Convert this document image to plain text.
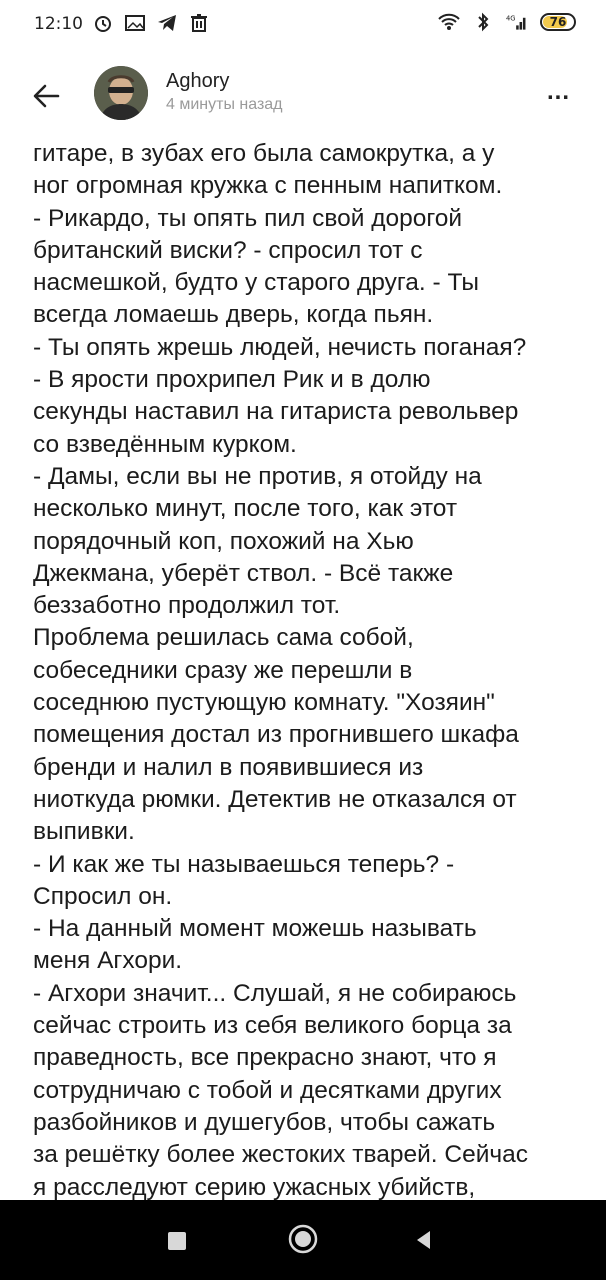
12:10	4G	76
Aghory
4 минуты назад	...
гитаре, в зубах его была самокрутка, а у
ног огромная кружка с пенным напитком.
- Рикардо, ты опять пил свой дорогой
британский виски? - спросил тот с
насмешкой, будто у старого друга. - Ты
всегда ломаешь дверь, когда пьян.
- Ты опять жрешь людей, нечисть поганая?
- В ярости прохрипел Рик и в долю
секунды наставил на гитариста револьвер
со взведённым курком.
- Дамы, если вы не против, я отойду на
несколько минут, после того, как этот
порядочный коп, похожий на Хью
Джекмана, уберёт ствол. - Всё также
беззаботно продолжил тот.
Проблема решилась сама собой,
собеседники сразу же перешли в
соседнюю пустующую комнату. "Хозяин"
помещения достал из прогнившего шкафа
бренди и налил в появившиеся из
ниоткуда рюмки. Детектив не отказался от
выпивки.
- И как же ты называешься теперь? -
Спросил он.
- На данный момент можешь называть
меня Агхори.
- Агхори значит... Слушай, я не собираюсь
сейчас строить из себя великого борца за
праведность, все прекрасно знают, что я
сотрудничаю с тобой и десятками других
разбойников и душегубов, чтобы сажать
за решётку более жестоких тварей. Сейчас
я расследуют серию ужасных убийств,
